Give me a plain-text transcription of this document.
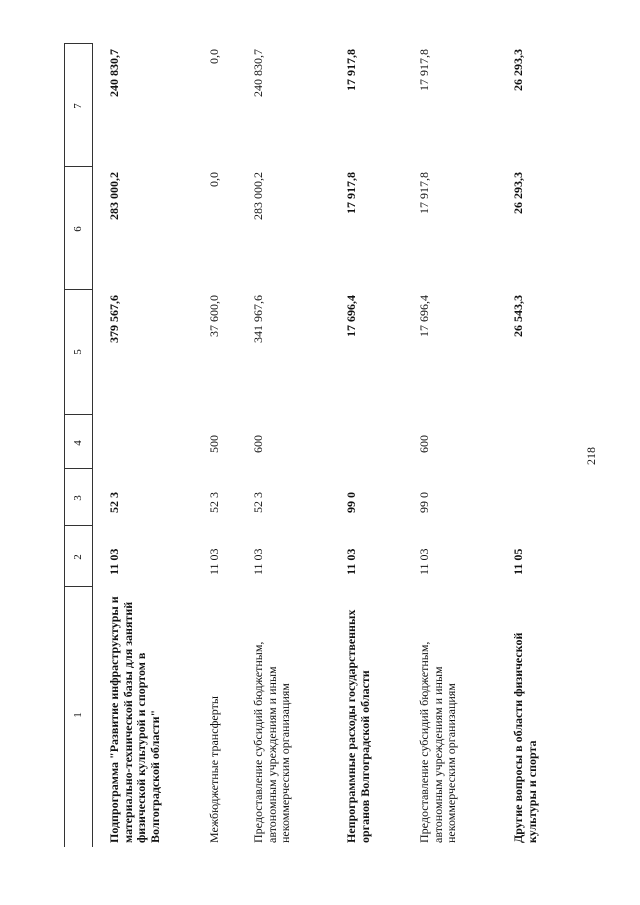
218
1
2
3
4
5
6
7
Подпрограмма "Развитие инфраструктуры и материально-технической базы для занятий физической культурой и спортом в Волгоградской области"
11 03
52 3
379 567,6
283 000,2
240 830,7
Межбюджетные трансферты
11 03
52 3
500
37 600,0
0,0
0,0
Предоставление субсидий бюджетным, автономным учреждениям и иным некоммерческим организациям
11 03
52 3
600
341 967,6
283 000,2
240 830,7
Непрограммные расходы государственных органов Волгоградской области
11 03
99 0
17 696,4
17 917,8
17 917,8
Предоставление субсидий бюджетным, автономным учреждениям и иным некоммерческим организациям
11 03
99 0
600
17 696,4
17 917,8
17 917,8
Другие вопросы в области физической культуры и спорта
11 05
26 543,3
26 293,3
26 293,3
